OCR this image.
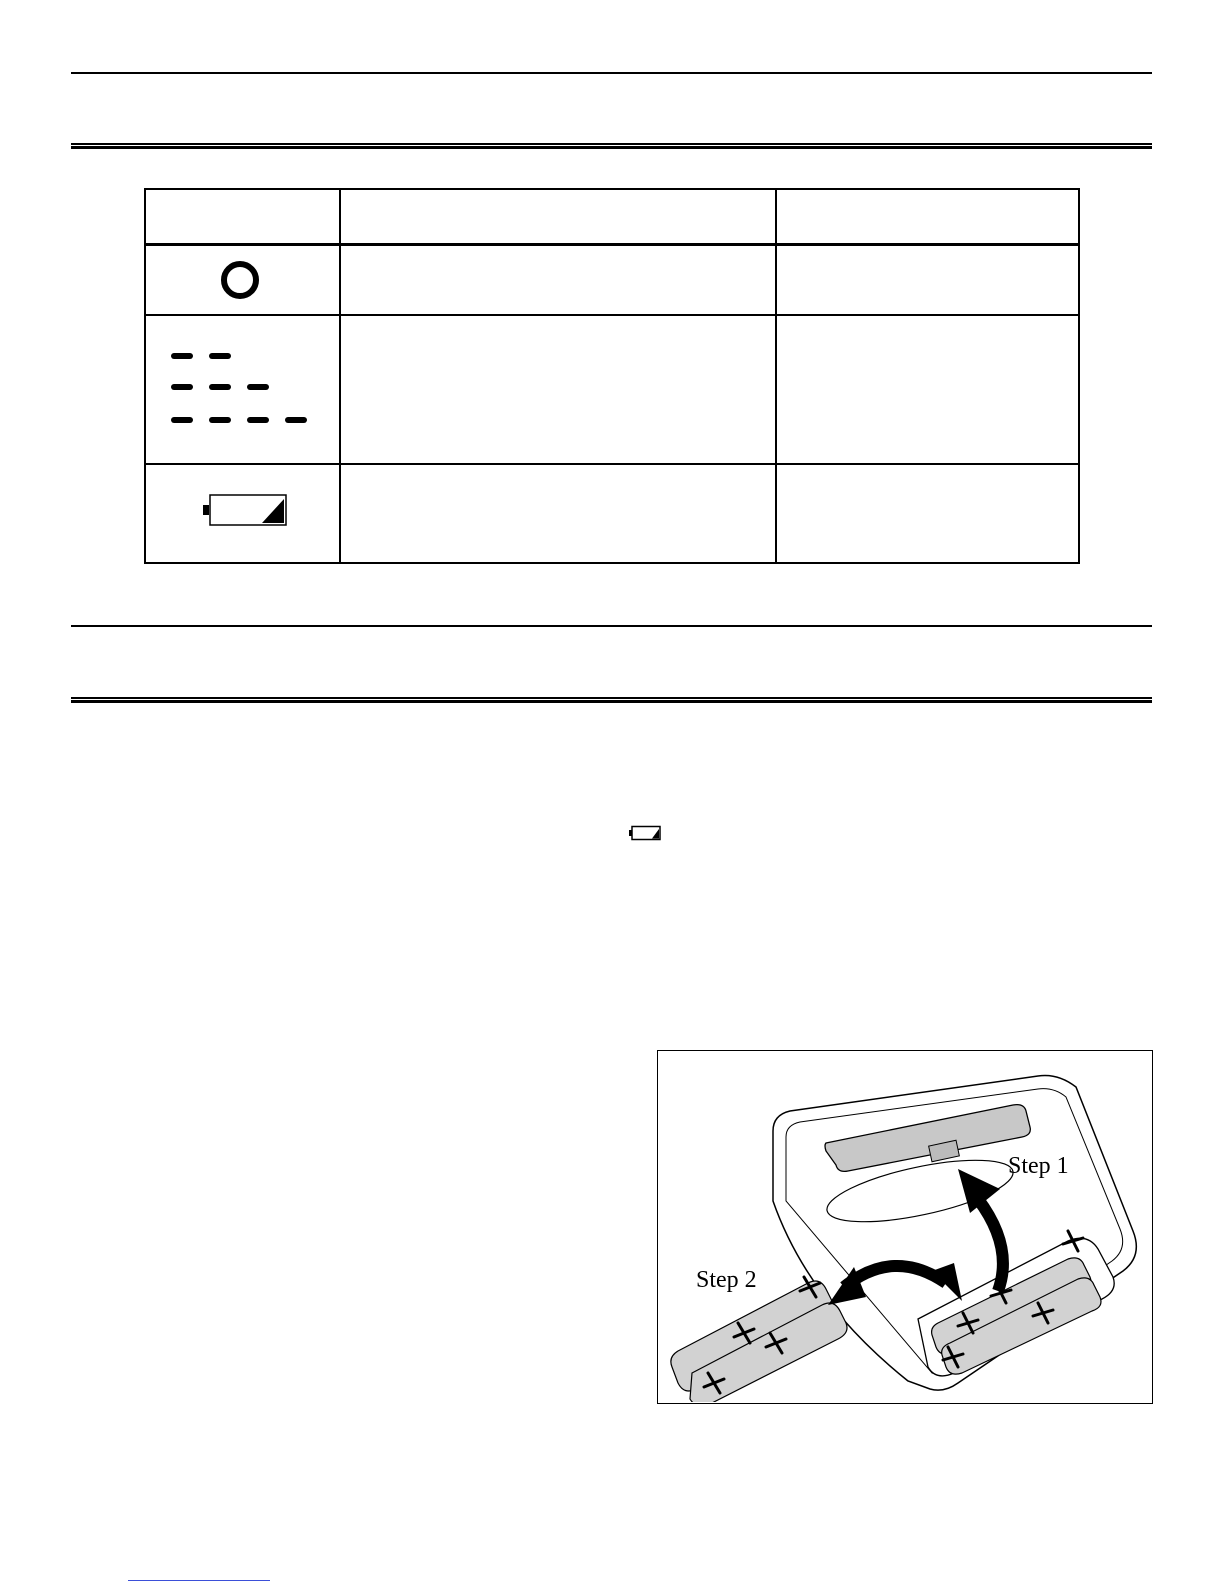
Step 1
Step 2
